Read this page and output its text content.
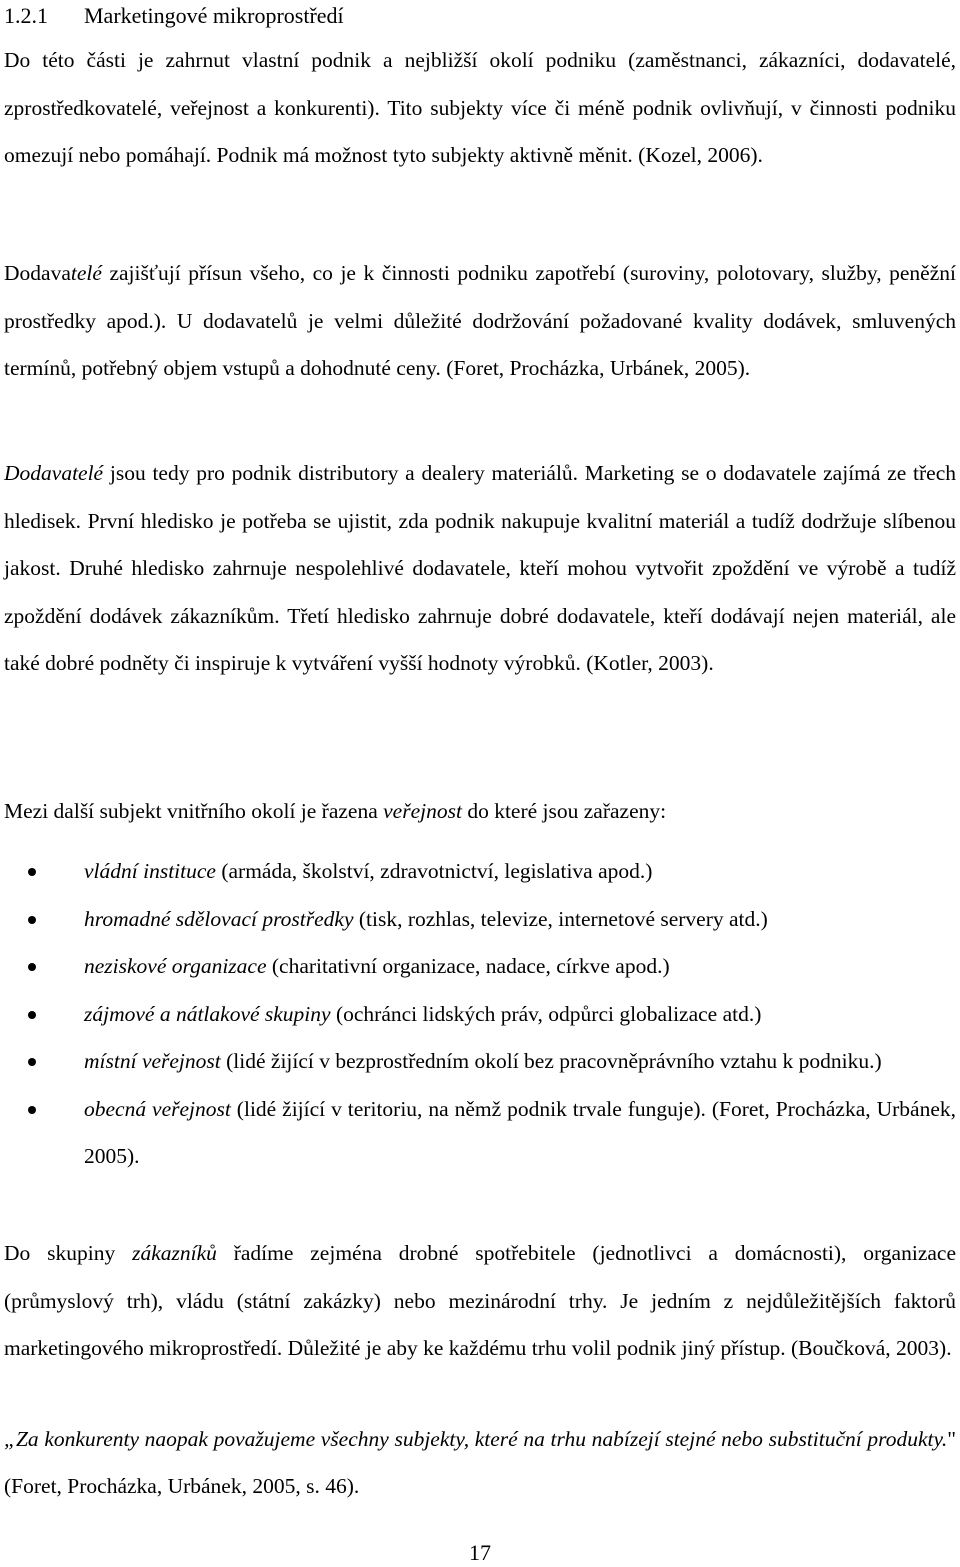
1.2.1 Marketingové mikroprostředí

Do této části je zahrnut vlastní podnik a nejbližší okolí podniku (zaměstnanci, zákazníci, dodavatelé, zprostředkovatelé, veřejnost a konkurenti). Tito subjekty více či méně podnik ovlivňují, v činnosti podniku omezují nebo pomáhají. Podnik má možnost tyto subjekty aktivně měnit. (Kozel, 2006).

Dodavatelé zajišťují přísun všeho, co je k činnosti podniku zapotřebí (suroviny, polotovary, služby, peněžní prostředky apod.). U dodavatelů je velmi důležité dodržování požadované kvality dodávek, smluvených termínů, potřebný objem vstupů a dohodnuté ceny. (Foret, Procházka, Urbánek, 2005).

Dodavatelé jsou tedy pro podnik distributory a dealery materiálů. Marketing se o dodavatele zajímá ze třech hledisek. První hledisko je potřeba se ujistit, zda podnik nakupuje kvalitní materiál a tudíž dodržuje slíbenou jakost. Druhé hledisko zahrnuje nespolehlivé dodavatele, kteří mohou vytvořit zpoždění ve výrobě a tudíž zpoždění dodávek zákazníkům. Třetí hledisko zahrnuje dobré dodavatele, kteří dodávají nejen materiál, ale také dobré podněty či inspiruje k vytváření vyšší hodnoty výrobků. (Kotler, 2003).

Mezi další subjekt vnitřního okolí je řazena veřejnost do které jsou zařazeny:

vládní instituce (armáda, školství, zdravotnictví, legislativa apod.)
hromadné sdělovací prostředky (tisk, rozhlas, televize, internetové servery atd.)
neziskové organizace (charitativní organizace, nadace, církve apod.)
zájmové a nátlakové skupiny (ochránci lidských práv, odpůrci globalizace atd.)
místní veřejnost (lidé žijící v bezprostředním okolí bez pracovněprávního vztahu k podniku.)
obecná veřejnost (lidé žijící v teritoriu, na němž podnik trvale funguje). (Foret, Procházka, Urbánek, 2005).

Do skupiny zákazníků řadíme zejména drobné spotřebitele (jednotlivci a domácnosti), organizace (průmyslový trh), vládu (státní zakázky) nebo mezinárodní trhy. Je jedním z nejdůležitějších faktorů marketingového mikroprostředí. Důležité je aby ke každému trhu volil podnik jiný přístup. (Boučková, 2003).

„Za konkurenty naopak považujeme všechny subjekty, které na trhu nabízejí stejné nebo substituční produkty." (Foret, Procházka, Urbánek, 2005, s. 46).

17
